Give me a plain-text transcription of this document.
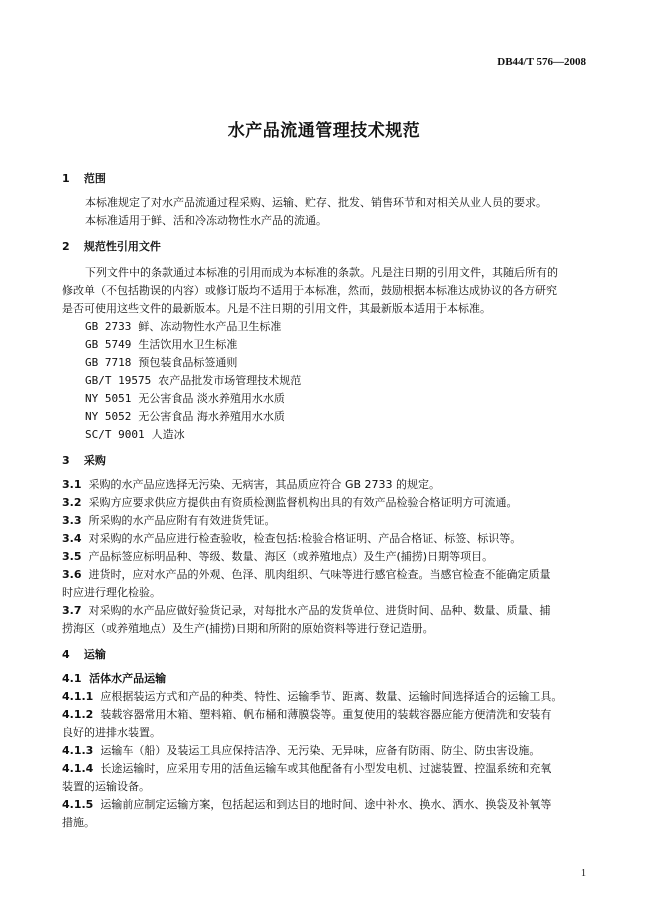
DB44/T 576—2008
水产品流通管理技术规范
1 范围
本标准规定了对水产品流通过程采购、运输、贮存、批发、销售环节和对相关从业人员的要求。
本标准适用于鲜、活和冷冻动物性水产品的流通。
2 规范性引用文件
下列文件中的条款通过本标准的引用而成为本标准的条款。凡是注日期的引用文件，其随后所有的
修改单（不包括勘误的内容）或修订版均不适用于本标准，然而，鼓励根据本标准达成协议的各方研究
是否可使用这些文件的最新版本。凡是不注日期的引用文件，其最新版本适用于本标准。
GB 2733 鲜、冻动物性水产品卫生标准
GB 5749 生活饮用水卫生标准
GB 7718 预包装食品标签通则
GB/T 19575 农产品批发市场管理技术规范
NY 5051 无公害食品 淡水养殖用水水质
NY 5052 无公害食品 海水养殖用水水质
SC/T 9001 人造冰
3 采购
3.1 采购的水产品应选择无污染、无病害，其品质应符合 GB 2733 的规定。
3.2 采购方应要求供应方提供由有资质检测监督机构出具的有效产品检验合格证明方可流通。
3.3 所采购的水产品应附有有效进货凭证。
3.4 对采购的水产品应进行检查验收，检查包括:检验合格证明、产品合格证、标签、标识等。
3.5 产品标签应标明品种、等级、数量、海区（或养殖地点）及生产(捕捞)日期等项目。
3.6 进货时，应对水产品的外观、色泽、肌肉组织、气味等进行感官检查。当感官检查不能确定质量
时应进行理化检验。
3.7 对采购的水产品应做好验货记录，对每批水产品的发货单位、进货时间、品种、数量、质量、捕
捞海区（或养殖地点）及生产(捕捞)日期和所附的原始资料等进行登记造册。
4 运输
4.1 活体水产品运输
4.1.1 应根据装运方式和产品的种类、特性、运输季节、距离、数量、运输时间选择适合的运输工具。
4.1.2 装载容器常用木箱、塑料箱、帆布桶和薄膜袋等。重复使用的装载容器应能方便清洗和安装有
良好的进排水装置。
4.1.3 运输车（船）及装运工具应保持洁净、无污染、无异味，应备有防雨、防尘、防虫害设施。
4.1.4 长途运输时，应采用专用的活鱼运输车或其他配备有小型发电机、过滤装置、控温系统和充氧
装置的运输设备。
4.1.5 运输前应制定运输方案，包括起运和到达目的地时间、途中补水、换水、洒水、换袋及补氧等
措施。
1
